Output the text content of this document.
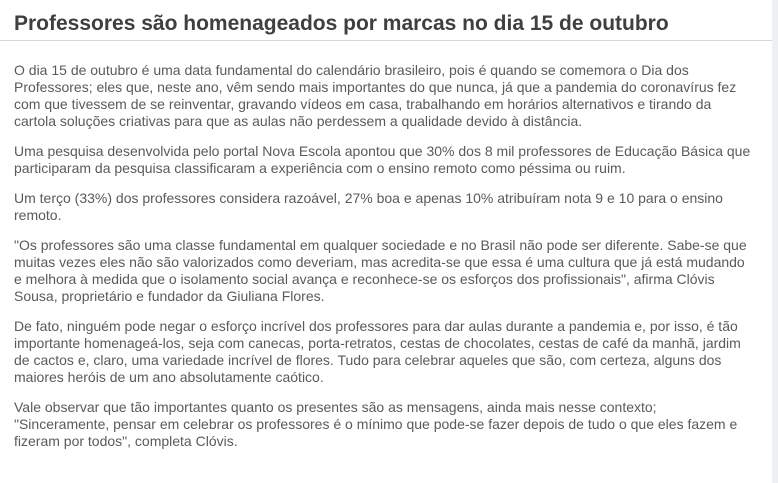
Professores são homenageados por marcas no dia 15 de outubro

O dia 15 de outubro é uma data fundamental do calendário brasileiro, pois é quando se comemora o Dia dos Professores; eles que, neste ano, vêm sendo mais importantes do que nunca, já que a pandemia do coronavírus fez com que tivessem de se reinventar, gravando vídeos em casa, trabalhando em horários alternativos e tirando da cartola soluções criativas para que as aulas não perdessem a qualidade devido à distância.

Uma pesquisa desenvolvida pelo portal Nova Escola apontou que 30% dos 8 mil professores de Educação Básica que participaram da pesquisa classificaram a experiência com o ensino remoto como péssima ou ruim.

Um terço (33%) dos professores considera razoável, 27% boa e apenas 10% atribuíram nota 9 e 10 para o ensino remoto.

"Os professores são uma classe fundamental em qualquer sociedade e no Brasil não pode ser diferente. Sabe-se que muitas vezes eles não são valorizados como deveriam, mas acredita-se que essa é uma cultura que já está mudando e melhora à medida que o isolamento social avança e reconhece-se os esforços dos profissionais", afirma Clóvis Sousa, proprietário e fundador da Giuliana Flores.

De fato, ninguém pode negar o esforço incrível dos professores para dar aulas durante a pandemia e, por isso, é tão importante homenageá-los, seja com canecas, porta-retratos, cestas de chocolates, cestas de café da manhã, jardim de cactos e, claro, uma variedade incrível de flores. Tudo para celebrar aqueles que são, com certeza, alguns dos maiores heróis de um ano absolutamente caótico.

Vale observar que tão importantes quanto os presentes são as mensagens, ainda mais nesse contexto; "Sinceramente, pensar em celebrar os professores é o mínimo que pode-se fazer depois de tudo o que eles fazem e fizeram por todos", completa Clóvis.
